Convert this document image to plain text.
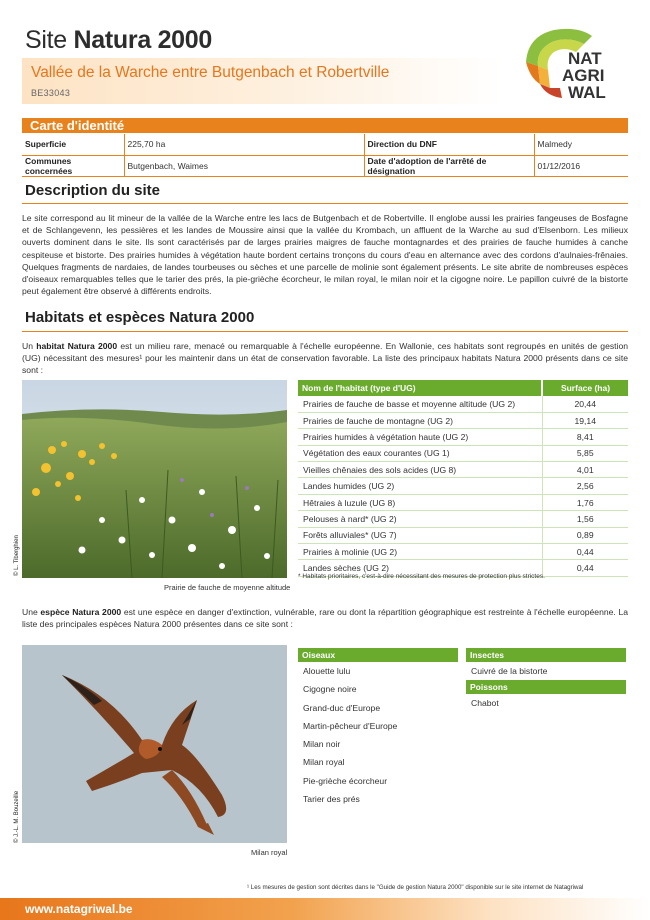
Site Natura 2000
Vallée de la Warche entre Butgenbach et Robertville
BE33043
NAT
AGRI
WAL
Carte d'identité
Superficie	225,70 ha	Direction du DNF	Malmedy
Communes concernées	Butgenbach, Waimes	Date d'adoption de l'arrêté de désignation	01/12/2016
Description du site
Le site correspond au lit mineur de la vallée de la Warche entre les lacs de Butgenbach et de Robertville. Il englobe aussi les prairies fangeuses de Bosfagne et de Schlangevenn, les pessières et les landes de Moussire ainsi que la vallée du Krombach, un affluent de la Warche au sud d'Elsenborn. Les milieux ouverts dominent dans le site. Ils sont caractérisés par de larges prairies maigres de fauche montagnardes et des prairies de fauche humides à canche cespiteuse et bistorte. Des prairies humides à végétation haute bordent certains tronçons du cours d'eau en alternance avec des cordons d'aulnaies-frênaies. Quelques fragments de nardaies, de landes tourbeuses ou sèches et une parcelle de molinie sont également présents. Le site abrite de nombreuses espèces d'oiseaux remarquables telles que le tarier des prés, la pie-grièche écorcheur, le milan royal, le milan noir et la cigogne noire. Le papillon cuivré de la bistorte peut également être observé à différents endroits.
Habitats et espèces Natura 2000
Un habitat Natura 2000 est un milieu rare, menacé ou remarquable à l'échelle européenne. En Wallonie, ces habitats sont regroupés en unités de gestion (UG) nécessitant des mesures¹ pour les maintenir dans un état de conservation favorable. La liste des principaux habitats Natura 2000 présents dans ce site sont :
© L. Tiberghien
Prairie de fauche de moyenne altitude
Nom de l'habitat (type d'UG)	Surface (ha)
Prairies de fauche de basse et moyenne altitude (UG 2)	20,44
Prairies de fauche de montagne (UG 2)	19,14
Prairies humides à végétation haute (UG 2)	8,41
Végétation des eaux courantes (UG 1)	5,85
Vieilles chênaies des sols acides (UG 8)	4,01
Landes humides (UG 2)	2,56
Hêtraies à luzule (UG 8)	1,76
Pelouses à nard* (UG 2)	1,56
Forêts alluviales* (UG 7)	0,89
Prairies à molinie (UG 2)	0,44
Landes sèches (UG 2)	0,44
* Habitats prioritaires, c'est-à-dire nécessitant des mesures de protection plus strictes.
Une espèce Natura 2000 est une espèce en danger d'extinction, vulnérable, rare ou dont la répartition géographique est restreinte à l'échelle européenne. La liste des principales espèces Natura 2000 présentes dans ce site sont :
© J.-L. M. Bouzeille
Milan royal
Oiseaux
Alouette lulu
Cigogne noire
Grand-duc d'Europe
Martin-pêcheur d'Europe
Milan noir
Milan royal
Pie-grièche écorcheur
Tarier des prés
Insectes
Cuivré de la bistorte
Poissons
Chabot
¹ Les mesures de gestion sont décrites dans le "Guide de gestion Natura 2000" disponible sur le site internet de Natagriwal
www.natagriwal.be
